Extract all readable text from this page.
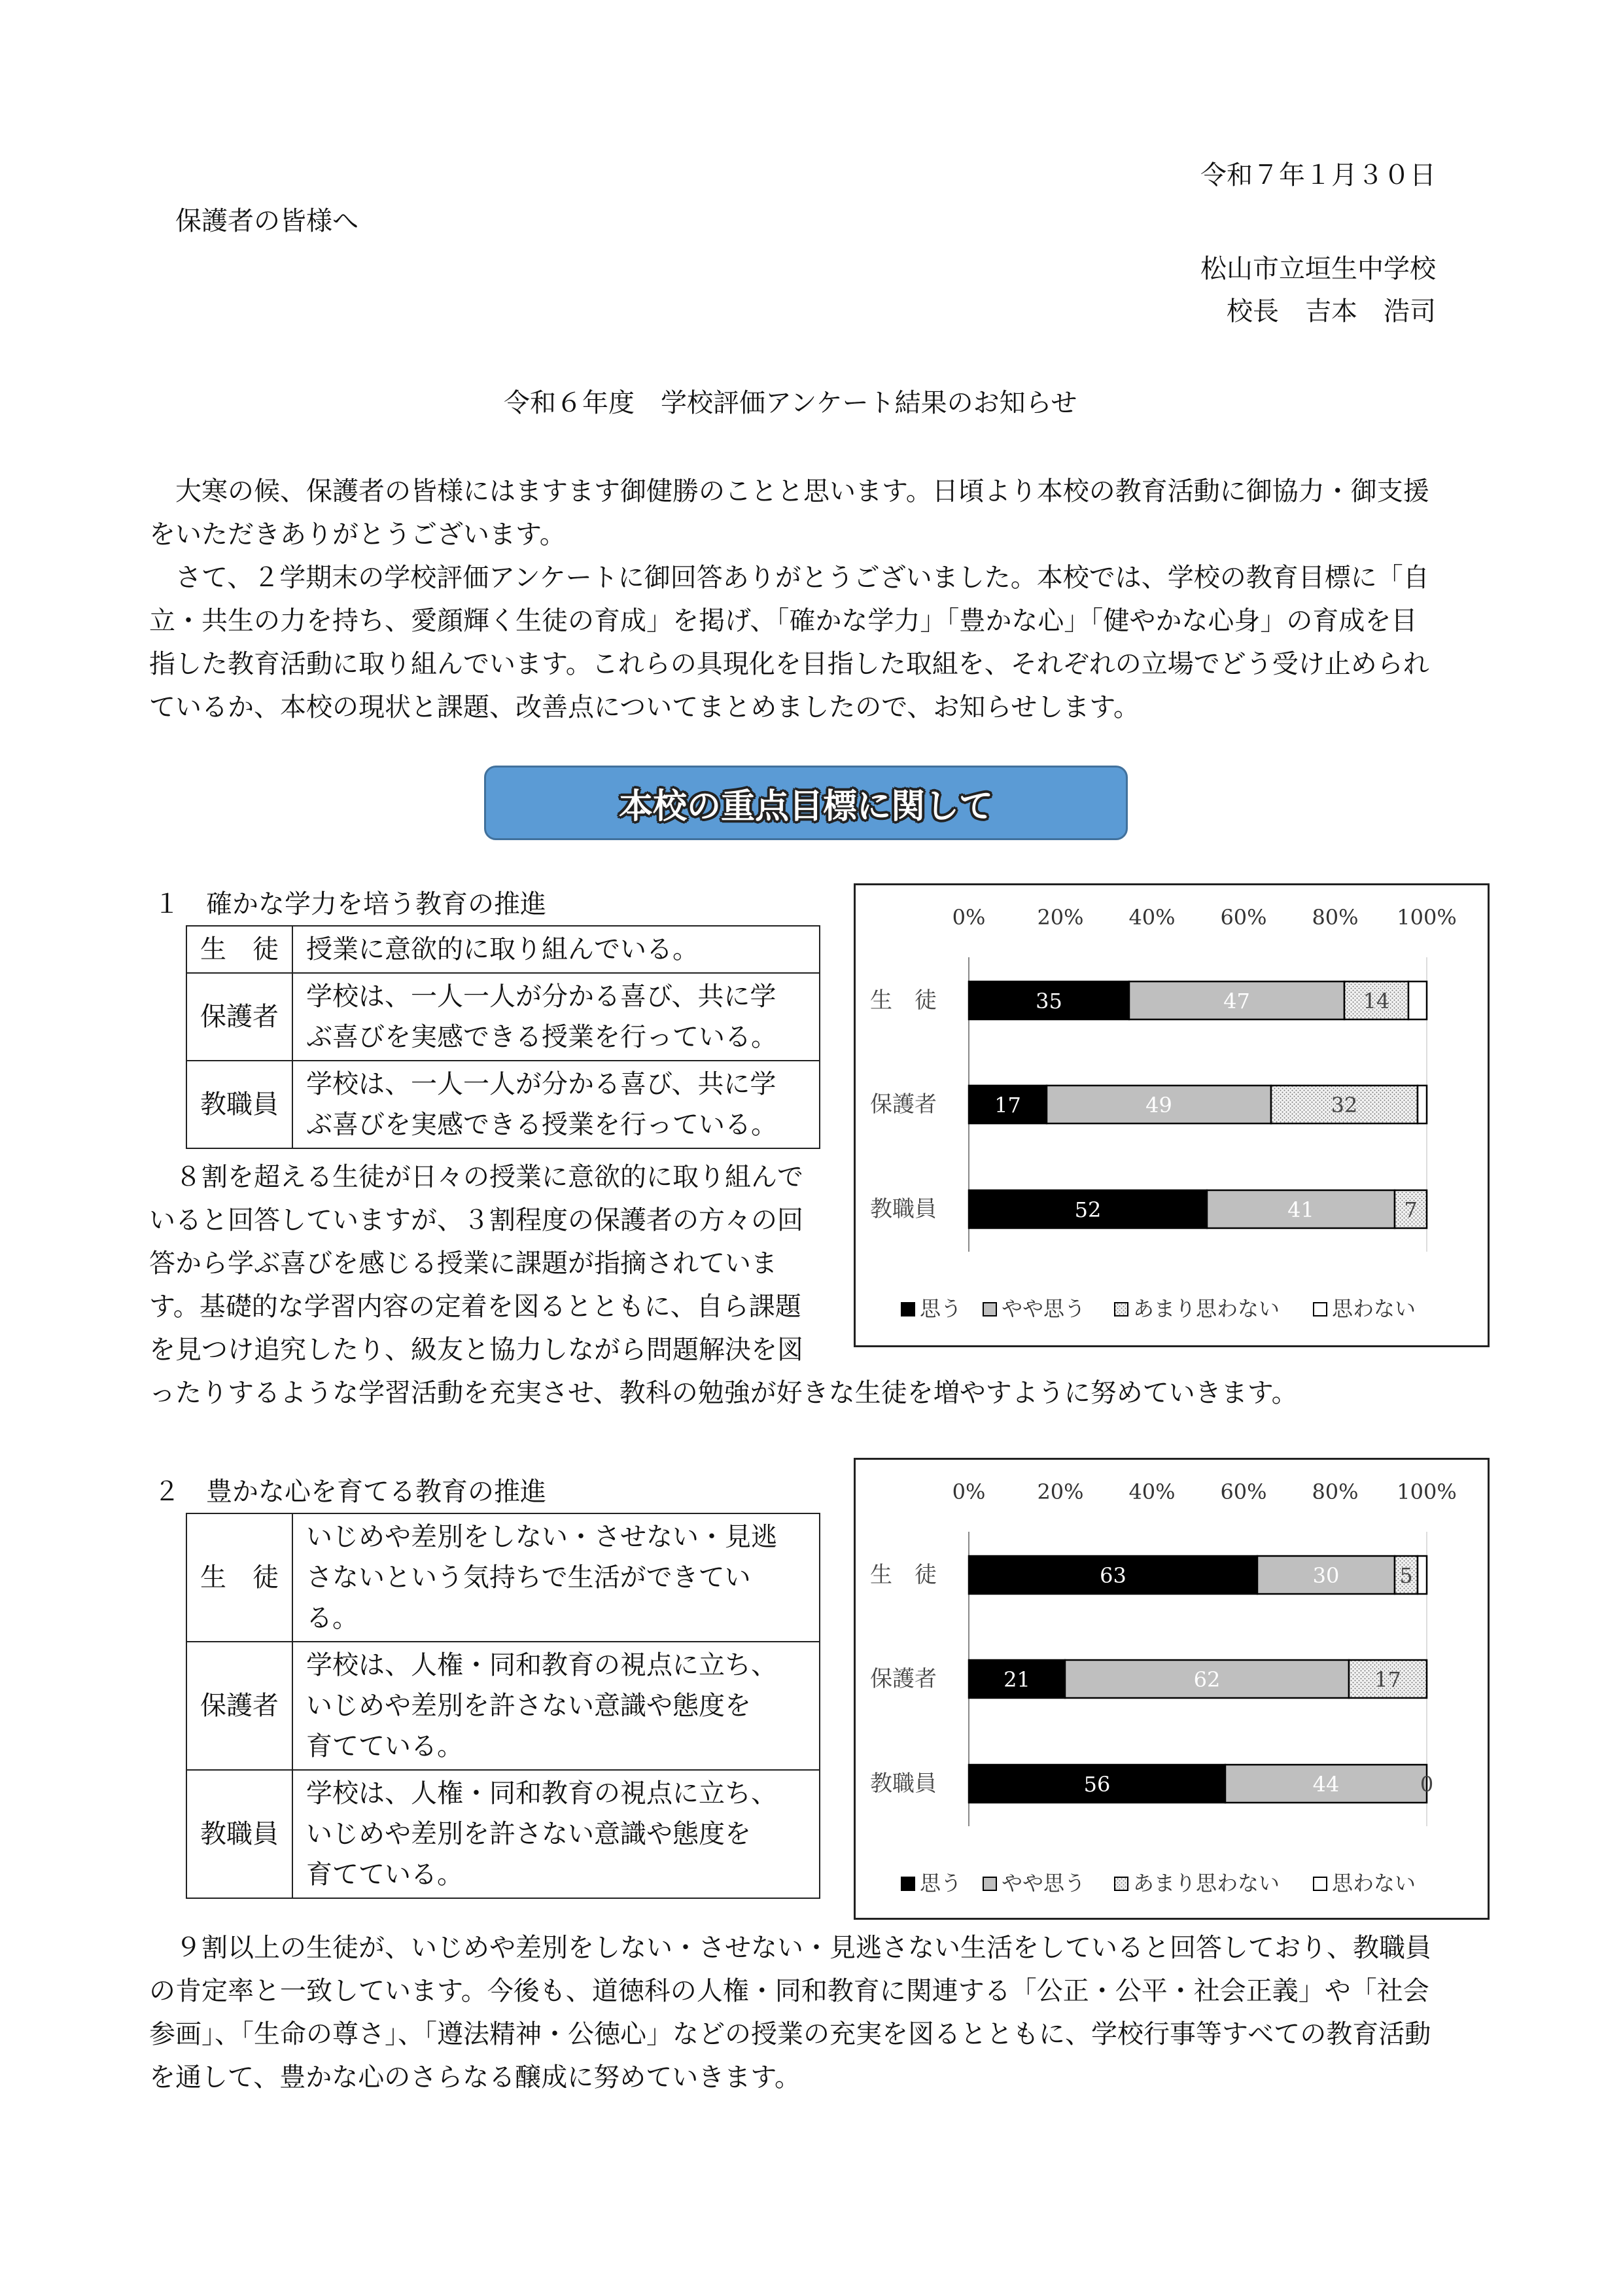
令和７年１月３０日
保護者の皆様へ
松山市立垣生中学校
校長　吉本　浩司
令和６年度　学校評価アンケート結果のお知らせ
大寒の候、保護者の皆様にはますます御健勝のことと思います。日頃より本校の教育活動に御協力・御支援
をいただきありがとうございます。
さて、２学期末の学校評価アンケートに御回答ありがとうございました。本校では、学校の教育目標に「自
立・共生の力を持ち、愛顔輝く生徒の育成」を掲げ、「確かな学力」「豊かな心」「健やかな心身」の育成を目
指した教育活動に取り組んでいます。これらの具現化を目指した取組を、それぞれの立場でどう受け止められ
ているか、本校の現状と課題、改善点についてまとめましたので、お知らせします。
本校の重点目標に関して
１　確かな学力を培う教育の推進
生　徒	授業に意欲的に取り組んでいる。
保護者	学校は、一人一人が分かる喜び、共に学
ぶ喜びを実感できる授業を行っている。
教職員	学校は、一人一人が分かる喜び、共に学
ぶ喜びを実感できる授業を行っている。
８割を超える生徒が日々の授業に意欲的に取り組んで
いると回答していますが、３割程度の保護者の方々の回
答から学ぶ喜びを感じる授業に課題が指摘されていま
す。基礎的な学習内容の定着を図るとともに、自ら課題
を見つけ追究したり、級友と協力しながら問題解決を図
ったりするような学習活動を充実させ、教科の勉強が好きな生徒を増やすように努めていきます。
0% 20% 40% 60% 80% 100%
生　徒	35	47	14
保護者	17	49	32
教職員	52	41	7
思う やや思う あまり思わない 思わない
２　豊かな心を育てる教育の推進
生　徒	いじめや差別をしない・させない・見逃
さないという気持ちで生活ができてい
る。
保護者	学校は、人権・同和教育の視点に立ち、
いじめや差別を許さない意識や態度を
育てている。
教職員	学校は、人権・同和教育の視点に立ち、
いじめや差別を許さない意識や態度を
育てている。
９割以上の生徒が、いじめや差別をしない・させない・見逃さない生活をしていると回答しており、教職員
の肯定率と一致しています。今後も、道徳科の人権・同和教育に関連する「公正・公平・社会正義」や「社会
参画」、「生命の尊さ」、「遵法精神・公徳心」などの授業の充実を図るとともに、学校行事等すべての教育活動
を通して、豊かな心のさらなる醸成に努めていきます。
0% 20% 40% 60% 80% 100%
生　徒	63	30	5
保護者	21	62	17
教職員	56	44	0
思う やや思う あまり思わない 思わない
